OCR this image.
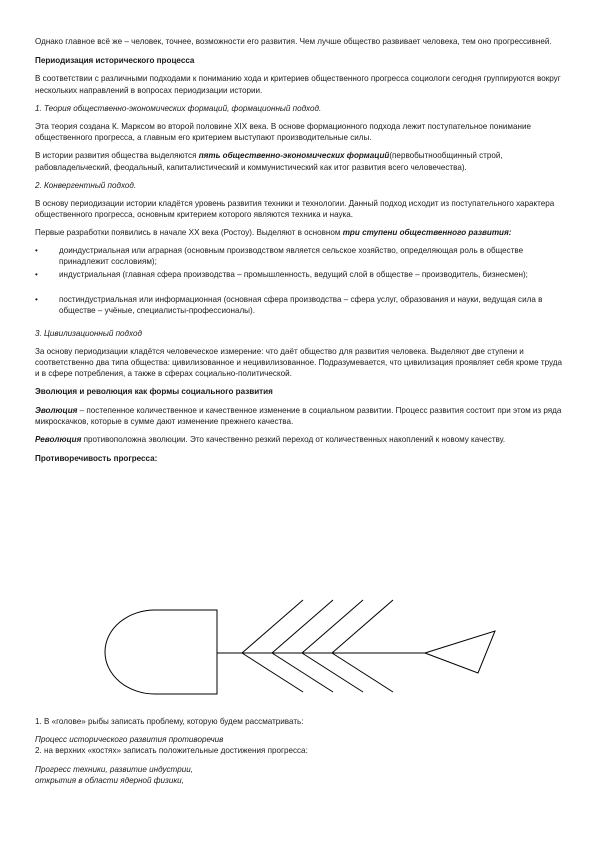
Однако главное всё же – человек, точнее, возможности его развития. Чем лучше общество развивает человека, тем оно прогрессивней.

Периодизация исторического процесса

В соответствии с различными подходами к пониманию хода и критериев общественного прогресса социологи сегодня группируются вокруг нескольких направлений в вопросах периодизации истории.

1. Теория общественно-экономических формаций, формационный подход.

Эта теория создана К. Марксом во второй половине XIX века. В основе формационного подхода лежит поступательное понимание общественного прогресса, а главным его критерием выступают производительные силы.

В истории развития общества выделяются пять общественно-экономических формаций(первобытнообщинный строй, рабовладельческий, феодальный, капиталистический и коммунистический как итог развития всего человечества).

2. Конвергентный подход.

В основу периодизации истории кладётся уровень развития техники и технологии. Данный подход исходит из поступательного характера общественного прогресса, основным критерием которого являются техника и наука.

Первые разработки появились в начале XX века (Ростоу). Выделяют в основном три ступени общественного развития:

•	доиндустриальная или аграрная (основным производством является сельское хозяйство, определяющая роль в обществе принадлежит сословиям);
•	индустриальная (главная сфера производства – промышленность, ведущий слой в обществе – производитель, бизнесмен);
•	постиндустриальная или информационная (основная сфера производства – сфера услуг, образования и науки, ведущая сила в обществе – учёные, специалисты-профессионалы).

3. Цивилизационный подход

За основу периодизации кладётся человеческое измерение: что даёт общество для развития человека. Выделяют две ступени и соответственно два типа общества: цивилизованное и нецивилизованное. Подразумевается, что цивилизация проявляет себя кроме труда и в сфере потребления, а также в сферах социально-политической.

Эволюция и революция как формы социального развития

Эволюция – постепенное количественное и качественное изменение в социальном развитии. Процесс развития состоит при этом из ряда микроскачков, которые в сумме дают изменение прежнего качества.

Революция противоположна эволюции. Это качественно резкий переход от количественных накоплений к новому качеству.

Противоречивость прогресса:

1. В «голове» рыбы записать проблему, которую будем рассматривать:

Процесс исторического развития противоречив

2. на верхних «костях» записать положительные достижения прогресса:

Прогресс техники, развитие индустрии,

открытия в области ядерной физики,
